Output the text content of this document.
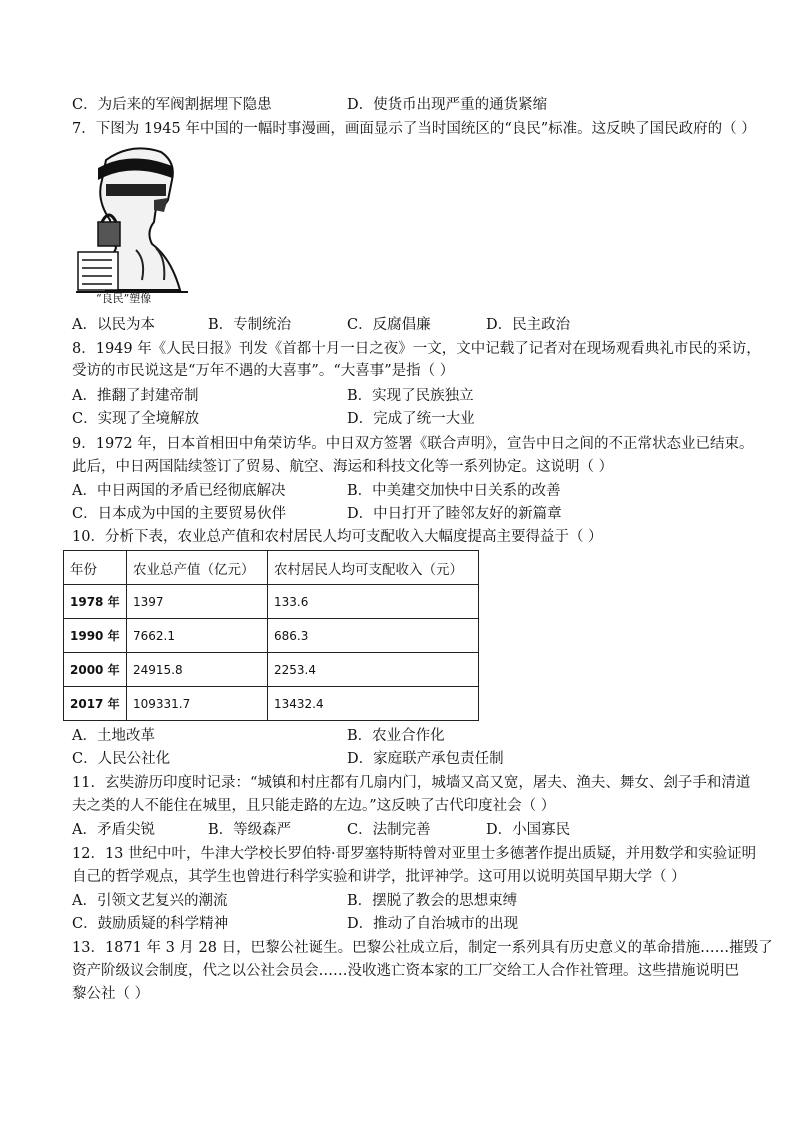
C．为后来的军阀割据埋下隐患	D．使货币出现严重的通货紧缩
7．下图为 1945 年中国的一幅时事漫画，画面显示了当时国统区的“良民”标准。这反映了国民政府的（ ）
“良民”塑像
A．以民为本	B．专制统治	C．反腐倡廉	D．民主政治
8．1949 年《人民日报》刊发《首都十月一日之夜》一文，文中记载了记者对在现场观看典礼市民的采访，
受访的市民说这是“万年不遇的大喜事”。“大喜事”是指（ ）
A．推翻了封建帝制	B．实现了民族独立
C．实现了全境解放	D．完成了统一大业
9．1972 年，日本首相田中角荣访华。中日双方签署《联合声明》，宣告中日之间的不正常状态业已结束。
此后，中日两国陆续签订了贸易、航空、海运和科技文化等一系列协定。这说明（ ）
A．中日两国的矛盾已经彻底解决	B．中美建交加快中日关系的改善
C．日本成为中国的主要贸易伙伴	D．中日打开了睦邻友好的新篇章
10．分析下表，农业总产值和农村居民人均可支配收入大幅度提高主要得益于（ ）
年份	农业总产值（亿元）	农村居民人均可支配收入（元）
1978 年	1397	133.6
1990 年	7662.1	686.3
2000 年	24915.8	2253.4
2017 年	109331.7	13432.4
A．土地改革	B．农业合作化
C．人民公社化	D．家庭联产承包责任制
11．玄奘游历印度时记录：“城镇和村庄都有几扇内门，城墙又高又宽，屠夫、渔夫、舞女、刽子手和清道
夫之类的人不能住在城里，且只能走路的左边。”这反映了古代印度社会（ ）
A．矛盾尖锐	B．等级森严	C．法制完善	D．小国寡民
12．13 世纪中叶，牛津大学校长罗伯特·哥罗塞特斯特曾对亚里士多德著作提出质疑，并用数学和实验证明
自己的哲学观点，其学生也曾进行科学实验和讲学，批评神学。这可用以说明英国早期大学（ ）
A．引领文艺复兴的潮流	B．摆脱了教会的思想束缚
C．鼓励质疑的科学精神	D．推动了自治城市的出现
13．1871 年 3 月 28 日，巴黎公社诞生。巴黎公社成立后，制定一系列具有历史意义的革命措施……摧毁了
资产阶级议会制度，代之以公社会员会……没收逃亡资本家的工厂交给工人合作社管理。这些措施说明巴
黎公社（ ）
